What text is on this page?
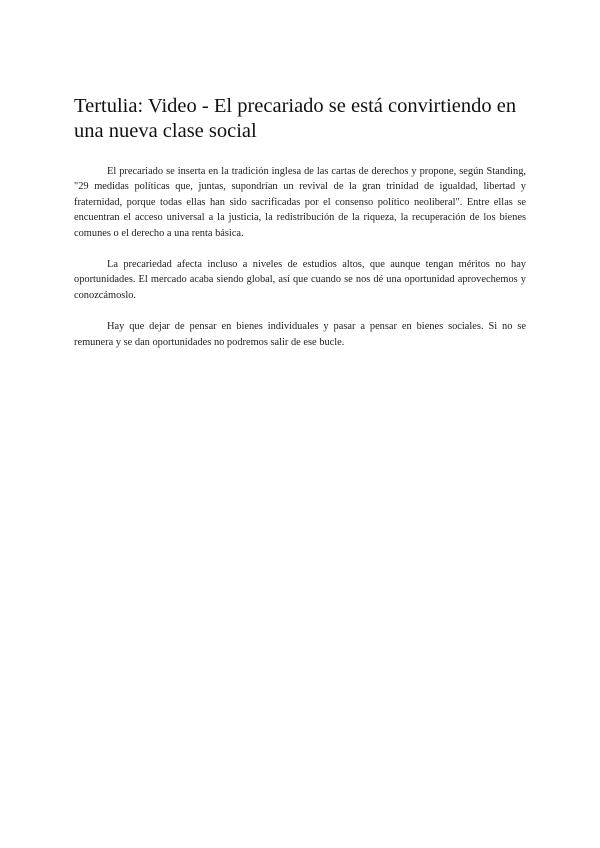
Tertulia: Video - El precariado se está convirtiendo en una nueva clase social

El precariado se inserta en la tradición inglesa de las cartas de derechos y propone, según Standing, "29 medidas políticas que, juntas, supondrían un revival de la gran trinidad de igualdad, libertad y fraternidad, porque todas ellas han sido sacrificadas por el consenso político neoliberal". Entre ellas se encuentran el acceso universal a la justicia, la redistribución de la riqueza, la recuperación de los bienes comunes o el derecho a una renta básica.

La precariedad afecta incluso a niveles de estudios altos, que aunque tengan méritos no hay oportunidades. El mercado acaba siendo global, así que cuando se nos dé una oportunidad aprovechemos y conozcámoslo.

Hay que dejar de pensar en bienes individuales y pasar a pensar en bienes sociales. Si no se remunera y se dan oportunidades no podremos salir de ese bucle.
